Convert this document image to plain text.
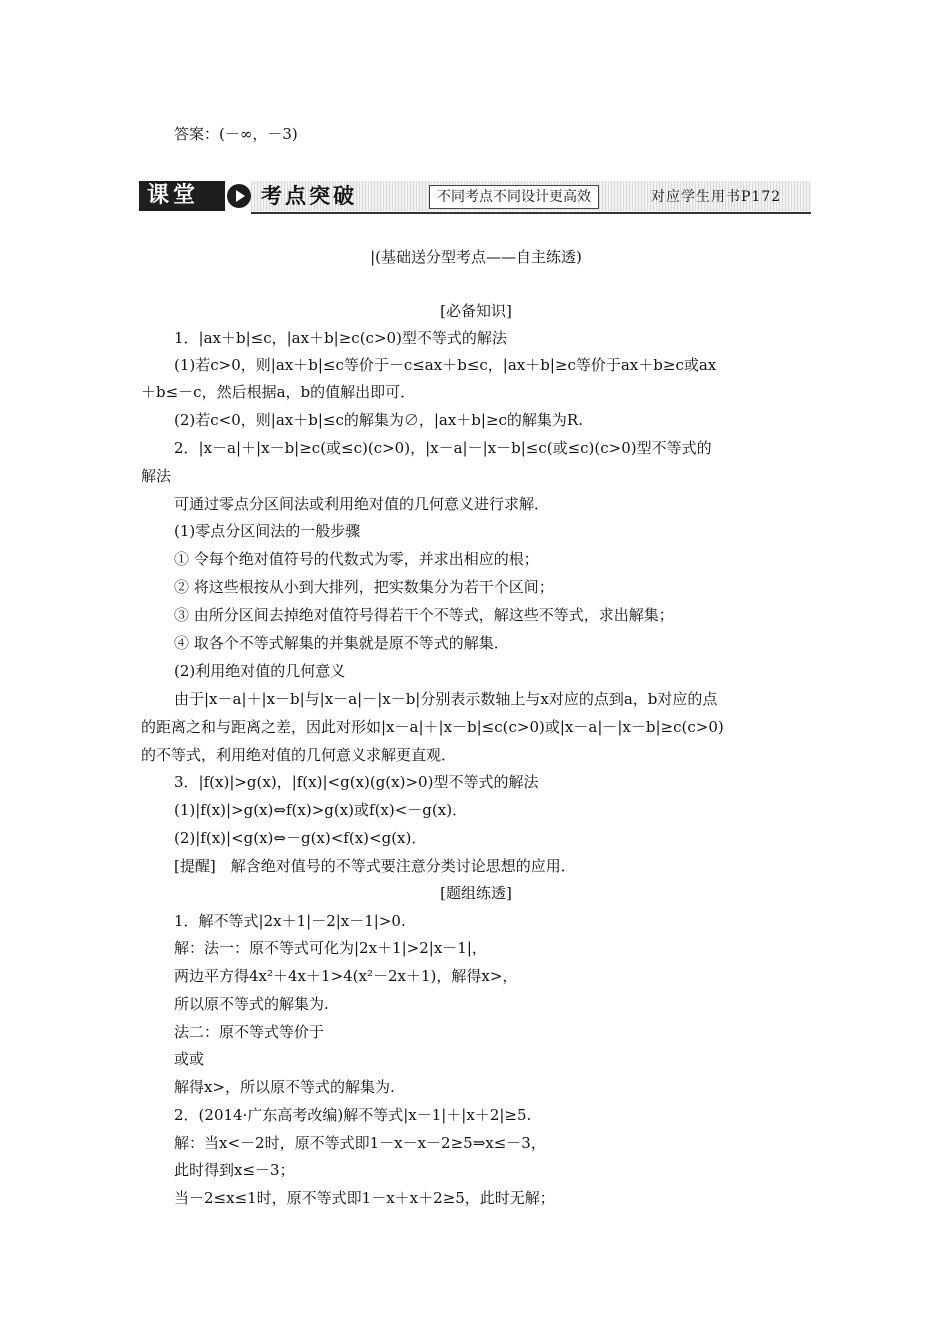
答案：(－∞，－3)
课堂	考点突破	不同考点不同设计更高效	对应学生用书P172
|(基础送分型考点——自主练透)
[必备知识]
1．|ax＋b|≤c，|ax＋b|≥c(c>0)型不等式的解法
(1)若c>0，则|ax＋b|≤c等价于－c≤ax＋b≤c，|ax＋b|≥c等价于ax＋b≥c或ax
＋b≤－c，然后根据a，b的值解出即可．
(2)若c<0，则|ax＋b|≤c的解集为∅，|ax＋b|≥c的解集为R.
2．|x－a|＋|x－b|≥c(或≤c)(c>0)，|x－a|－|x－b|≤c(或≤c)(c>0)型不等式的
解法
可通过零点分区间法或利用绝对值的几何意义进行求解．
(1)零点分区间法的一般步骤
① 令每个绝对值符号的代数式为零，并求出相应的根；
② 将这些根按从小到大排列，把实数集分为若干个区间；
③ 由所分区间去掉绝对值符号得若干个不等式，解这些不等式，求出解集；
④ 取各个不等式解集的并集就是原不等式的解集．
(2)利用绝对值的几何意义
由于|x－a|＋|x－b|与|x－a|－|x－b|分别表示数轴上与x对应的点到a，b对应的点
的距离之和与距离之差，因此对形如|x－a|＋|x－b|≤c(c>0)或|x－a|－|x－b|≥c(c>0)
的不等式，利用绝对值的几何意义求解更直观．
3．|f(x)|>g(x)，|f(x)|<g(x)(g(x)>0)型不等式的解法
(1)|f(x)|>g(x)⇔f(x)>g(x)或f(x)<－g(x)．
(2)|f(x)|<g(x)⇔－g(x)<f(x)<g(x)．
[提醒]　解含绝对值号的不等式要注意分类讨论思想的应用．
[题组练透]
1．解不等式|2x＋1|－2|x－1|>0.
解：法一：原不等式可化为|2x＋1|>2|x－1|，
两边平方得4x²＋4x＋1>4(x²－2x＋1)，解得x>，
所以原不等式的解集为.
法二：原不等式等价于
或或
解得x>，所以原不等式的解集为.
2．(2014·广东高考改编)解不等式|x－1|＋|x＋2|≥5.
解：当x<－2时，原不等式即1－x－x－2≥5⇒x≤－3，
此时得到x≤－3；
当－2≤x≤1时，原不等式即1－x＋x＋2≥5，此时无解；
